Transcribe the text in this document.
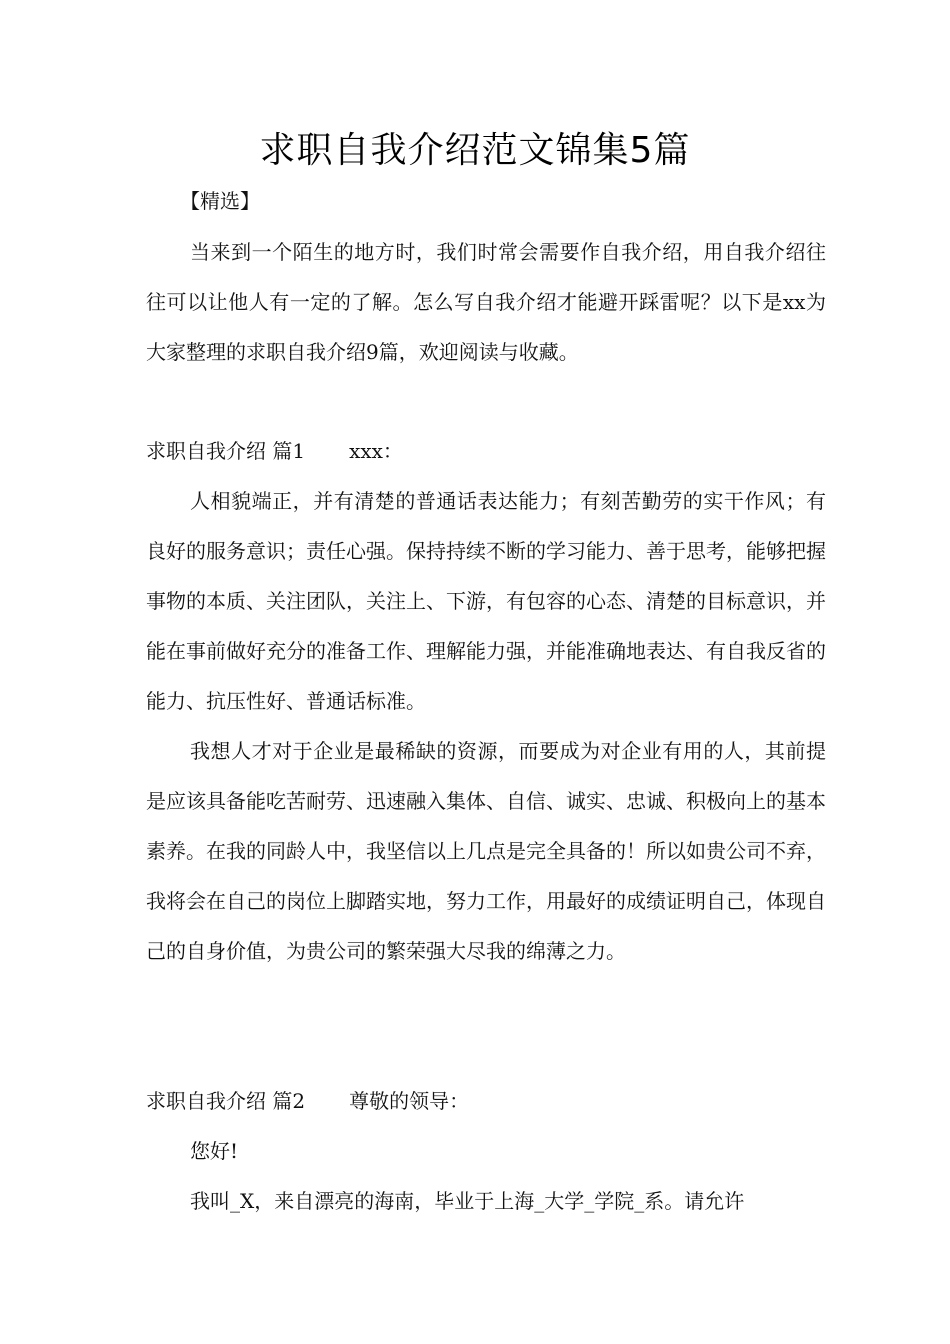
求职自我介绍范文锦集5篇
【精选】

当来到一个陌生的地方时，我们时常会需要作自我介绍，用自我介绍往往可以让他人有一定的了解。怎么写自我介绍才能避开踩雷呢？以下是xx为大家整理的求职自我介绍9篇，欢迎阅读与收藏。

求职自我介绍 篇1 xxx：

人相貌端正，并有清楚的普通话表达能力；有刻苦勤劳的实干作风；有良好的服务意识；责任心强。保持持续不断的学习能力、善于思考，能够把握事物的本质、关注团队，关注上、下游，有包容的心态、清楚的目标意识，并能在事前做好充分的准备工作、理解能力强，并能准确地表达、有自我反省的能力、抗压性好、普通话标准。

我想人才对于企业是最稀缺的资源，而要成为对企业有用的人，其前提是应该具备能吃苦耐劳、迅速融入集体、自信、诚实、忠诚、积极向上的基本素养。在我的同龄人中，我坚信以上几点是完全具备的！所以如贵公司不弃，我将会在自己的岗位上脚踏实地，努力工作，用最好的成绩证明自己，体现自己的自身价值，为贵公司的繁荣强大尽我的绵薄之力。

求职自我介绍 篇2 尊敬的领导：

您好!

我叫_X，来自漂亮的海南，毕业于上海_大学_学院_系。请允许
